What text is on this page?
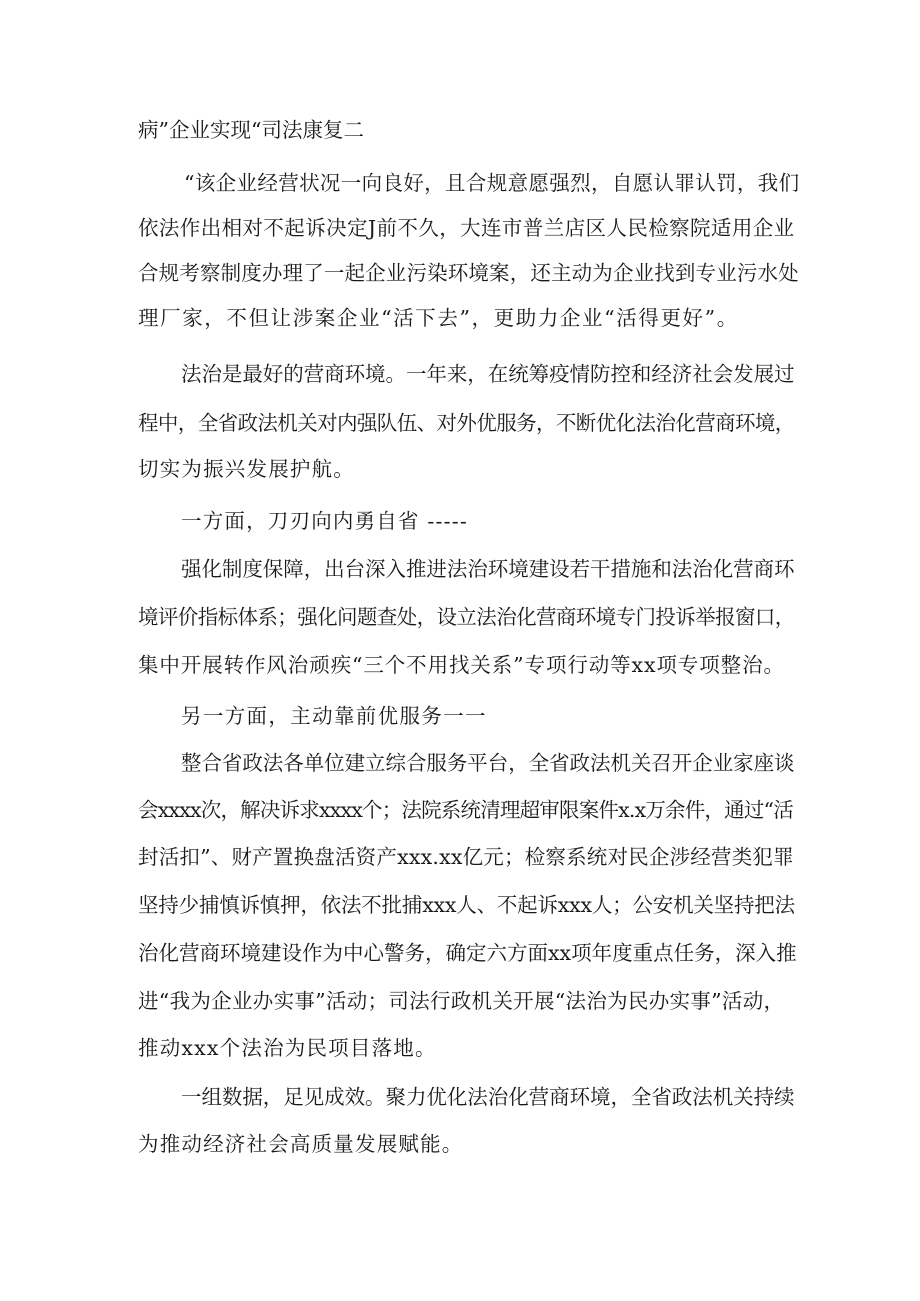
病”企业实现“司法康复二
“该企业经营状况一向良好，且合规意愿强烈，自愿认罪认罚，我们
依法作出相对不起诉决定J前不久，大连市普兰店区人民检察院适用企业
合规考察制度办理了一起企业污染环境案，还主动为企业找到专业污水处
理厂家，不但让涉案企业“活下去”，更助力企业“活得更好”。
法治是最好的营商环境。一年来，在统筹疫情防控和经济社会发展过
程中，全省政法机关对内强队伍、对外优服务，不断优化法治化营商环境，
切实为振兴发展护航。
一方面，刀刃向内勇自省 -----
强化制度保障，出台深入推进法治环境建设若干措施和法治化营商环
境评价指标体系；强化问题查处，设立法治化营商环境专门投诉举报窗口，
集中开展转作风治顽疾“三个不用找关系”专项行动等xx项专项整治。
另一方面，主动靠前优服务一一
整合省政法各单位建立综合服务平台，全省政法机关召开企业家座谈
会xxxx次，解决诉求xxxx个；法院系统清理超审限案件x.x万余件，通过“活
封活扣”、财产置换盘活资产xxx.xx亿元；检察系统对民企涉经营类犯罪
坚持少捕慎诉慎押，依法不批捕xxx人、不起诉xxx人；公安机关坚持把法
治化营商环境建设作为中心警务，确定六方面xx项年度重点任务，深入推
进“我为企业办实事”活动；司法行政机关开展“法治为民办实事”活动，
推动xxx个法治为民项目落地。
一组数据，足见成效。聚力优化法治化营商环境，全省政法机关持续
为推动经济社会高质量发展赋能。
